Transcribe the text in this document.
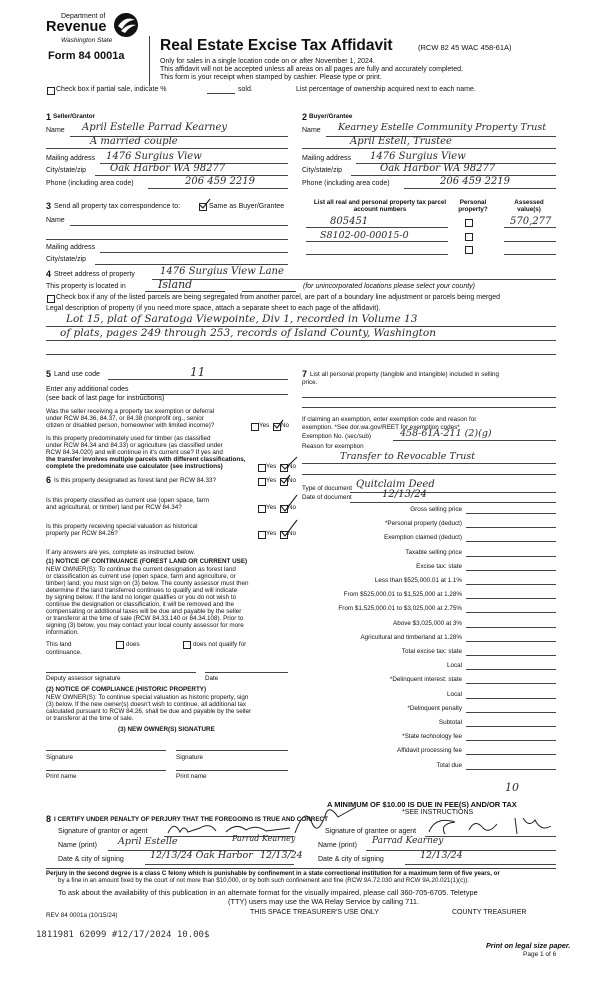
Department of
Revenue
Washington State
Form 84 0001a
Real Estate Excise Tax Affidavit	(RCW 82 45 WAC 458-61A)
Only for sales in a single location code on or after November 1, 2024.
This affidavit will not be accepted unless all areas on all pages are fully and accurately completed.
This form is your receipt when stamped by cashier. Please type or print.
Check box if partial sale, indicate %	sold.	List percentage of ownership acquired next to each name.
1 Seller/Grantor
Name April Estelle Parrad Kearney
A married couple
Mailing address 1476 Surgius View
City/state/zip Oak Harbor WA 98277
Phone (including area code)	206 459 2219
2 Buyer/Grantee
Name Kearney Estelle Community Property Trust
April Estell, Trustee
Mailing address 1476 Surgius View
City/state/zip	Oak Harbor WA 98277
Phone (including area code)	206 459 2219
3 Send all property tax correspondence to:	Same as Buyer/Grantee
Name
Mailing address
City/state/zip
List all real and personal property tax parcel account numbers
Personal property?
Assessed value(s)
805451	570,277
S8102-00-00015-0
4 Street address of property	1476 Surgius View Lane
This property is located in	Island	(for unincorporated locations please select your county)
Check box if any of the listed parcels are being segregated from another parcel, are part of a boundary line adjustment or parcels being merged
Legal description of property (if you need more space, attach a separate sheet to each page of the affidavit).
Lot 15, plat of Saratoga Viewpointe, Div 1, recorded in Volume 13
of plats, pages 249 through 253, records of Island County, Washington
5 Land use code	11
Enter any additional codes
(see back of last page for instructions)
Was the seller receiving a property tax exemption or deferral
under RCW 84.36, 84.37, or 84.38 (nonprofit org., senior
citizen or disabled person, homeowner with limited income)?	Yes No
Is this property predominately used for timber (as classified
under RCW 84.34 and 84.33) or agriculture (as classified under
RCW 84.34.020) and will continue in it's current use? If yes and
the transfer involves multiple parcels with different classifications,
complete the predominate use calculator (see instructions)	Yes No
6 Is this property designated as forest land per RCW 84.33?	Yes No
Is this property classified as current use (open space, farm
and agricultural, or timber) land per RCW 84.34?	Yes No
Is this property receiving special valuation as historical
property per RCW 84.26?	Yes No
If any answers are yes, complete as instructed below.
(1) NOTICE OF CONTINUANCE (FOREST LAND OR CURRENT USE)
NEW OWNER(S): To continue the current designation as forest land
or classification as current use (open space, farm and agriculture, or
timber) land, you must sign on (3) below. The county assessor must then
determine if the land transferred continues to qualify and will indicate
by signing below. If the land no longer qualifies or you do not wish to
continue the designation or classification, it will be removed and the
compensating or additional taxes will be due and payable by the seller
or transferor at the time of sale (RCW 84.33.140 or 84.34.108). Prior to
signing (3) below, you may contact your local county assessor for more
information.
This land	does	does not qualify for
continuance.
Deputy assessor signature	Date
(2) NOTICE OF COMPLIANCE (HISTORIC PROPERTY)
NEW OWNER(S): To continue special valuation as historic property, sign
(3) below. If the new owner(s) doesn't wish to continue, all additional tax
calculated pursuant to RCW 84.26, shall be due and payable by the seller
or transferor at the time of sale.
(3) NEW OWNER(S) SIGNATURE
Signature	Signature
Print name	Print name
7 List all personal property (tangible and intangible) included in selling
price.
If claiming an exemption, enter exemption code and reason for
exemption. *See dor.wa.gov/REET for exemption codes*
Exemption No. (sec/sub)	458-61A-211 (2)(g)
Reason for exemption
Transfer to Revocable Trust
Type of document Quitclaim Deed
Date of document	12/13/24
Gross selling price
*Personal property (deduct)
Exemption claimed (deduct)
Taxable selling price
Excise tax: state
Less than $525,000.01 at 1.1%
From $525,000.01 to $1,525,000 at 1.28%
From $1,525,000.01 to $3,025,000 at 2.75%
Above $3,025,000 at 3%
Agricultural and timberland at 1.28%
Total excise tax: state
Local
*Delinquent interest: state
Local
*Delinquent penalty
Subtotal
*State technology fee
Affidavit processing fee
Total due
10
A MINIMUM OF $10.00 IS DUE IN FEE(S) AND/OR TAX
*SEE INSTRUCTIONS
8 I CERTIFY UNDER PENALTY OF PERJURY THAT THE FOREGOING IS TRUE AND CORRECT
Signature of grantor or agent	Signature of grantee or agent
Name (print) April Estelle	Parrad Kearney
Name (print) Parrad Kearney
Date & city of signing	12/13/24 Oak Harbor 12/13/24 Date & city of signing	12/13/24
Perjury in the second degree is a class C felony which is punishable by confinement in a state correctional institution for a maximum term of five years, or
by a fine in an amount fixed by the court of not more than $10,000, or by both such confinement and fine (RCW 9A.72.030 and RCW 9A.20.021(1)(c)).
To ask about the availability of this publication in an alternate format for the visually impaired, please call 360-705-6705. Teletype
(TTY) users may use the WA Relay Service by calling 711.
REV 84 0001a (10/15/24)	THIS SPACE TREASURER'S USE ONLY	COUNTY TREASURER
1811981 62099 #12/17/2024 10.00$
Print on legal size paper.
Page 1 of 6
